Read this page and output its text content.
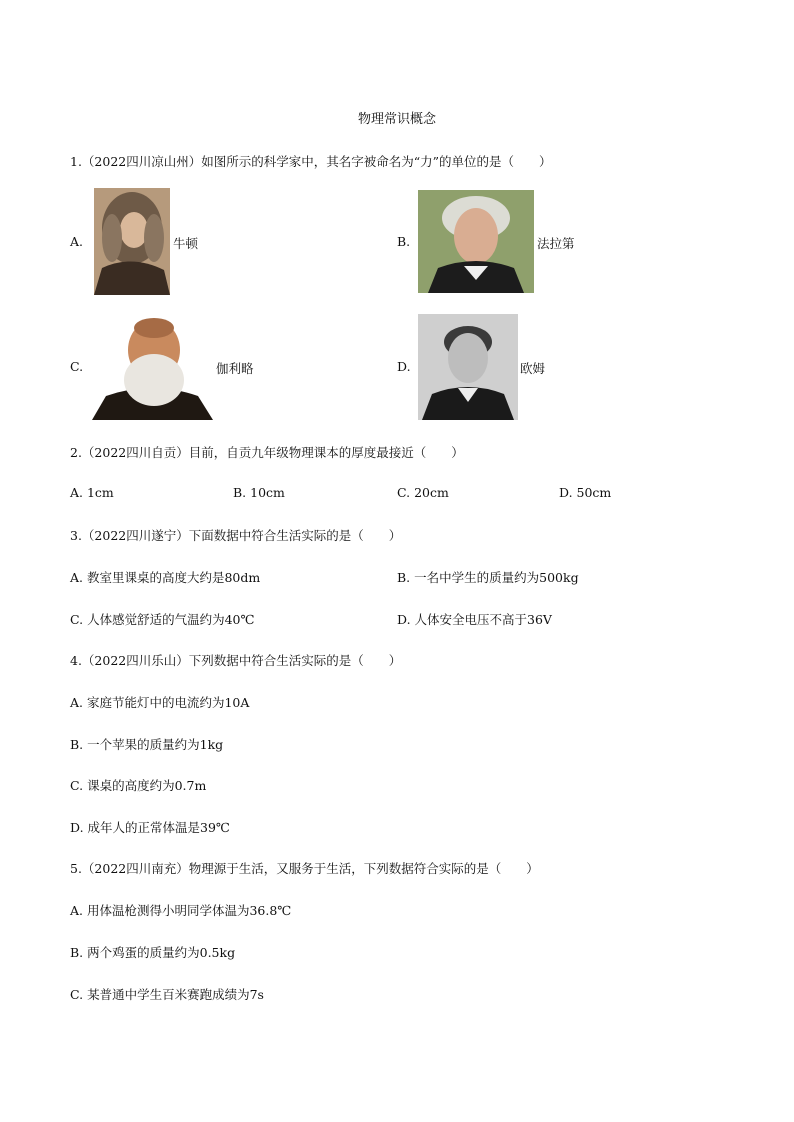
物理常识概念
1.（2022四川凉山州）如图所示的科学家中，其名字被命名为“力”的单位的是（　　）
A.	牛顿	B.	法拉第
C.	伽利略	D.	欧姆
2.（2022四川自贡）目前，自贡九年级物理课本的厚度最接近（　　）
A. 1cm	B. 10cm	C. 20cm	D. 50cm
3.（2022四川遂宁）下面数据中符合生活实际的是（　　）
A. 教室里课桌的高度大约是80dm	B. 一名中学生的质量约为500kg
C. 人体感觉舒适的气温约为40℃	D. 人体安全电压不高于36V
4.（2022四川乐山）下列数据中符合生活实际的是（　　）
A. 家庭节能灯中的电流约为10A
B. 一个苹果的质量约为1kg
C. 课桌的高度约为0.7m
D. 成年人的正常体温是39℃
5.（2022四川南充）物理源于生活，又服务于生活，下列数据符合实际的是（　　）
A. 用体温枪测得小明同学体温为36.8℃
B. 两个鸡蛋的质量约为0.5kg
C. 某普通中学生百米赛跑成绩为7s
